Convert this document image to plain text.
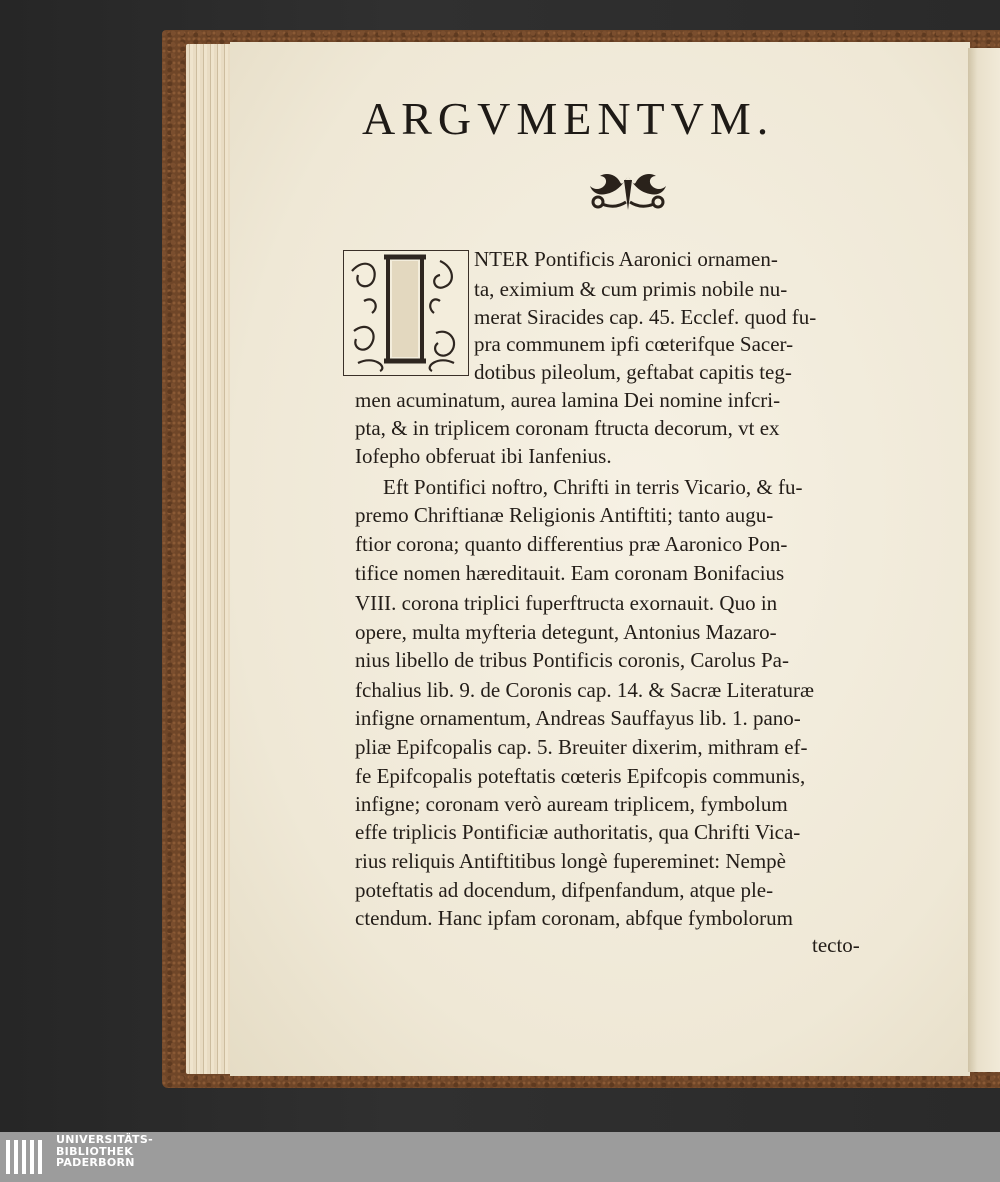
ARGVMENTVM.
NTER Pontificis Aaronici ornamen-
ta, eximium & cum primis nobile nu-
merat Siracides cap. 45. Ecclef. quod fu-
pra communem ipfi cœterifque Sacer-
dotibus pileolum, geftabat capitis teg-
men acuminatum, aurea lamina Dei nomine infcri-
pta, & in triplicem coronam ftructa decorum, vt ex
Iofepho obferuat ibi Ianfenius.
Eft Pontifici noftro, Chrifti in terris Vicario, & fu-
premo Chriftianæ Religionis Antiftiti; tanto augu-
ftior corona; quanto differentius præ Aaronico Pon-
tifice nomen hæreditauit. Eam coronam Bonifacius
VIII. corona triplici fuperftructa exornauit. Quo in
opere, multa myfteria detegunt, Antonius Mazaro-
nius libello de tribus Pontificis coronis, Carolus Pa-
fchalius lib. 9. de Coronis cap. 14. & Sacræ Literaturæ
infigne ornamentum, Andreas Sauffayus lib. 1. pano-
pliæ Epifcopalis cap. 5. Breuiter dixerim, mithram ef-
fe Epifcopalis poteftatis cœteris Epifcopis communis,
infigne; coronam verò auream triplicem, fymbolum
effe triplicis Pontificiæ authoritatis, qua Chrifti Vica-
rius reliquis Antiftitibus longè fupereminet: Nempè
poteftatis ad docendum, difpenfandum, atque ple-
ctendum. Hanc ipfam coronam, abfque fymbolorum
tecto-
UNIVERSITÄTS-
BIBLIOTHEK
PADERBORN
